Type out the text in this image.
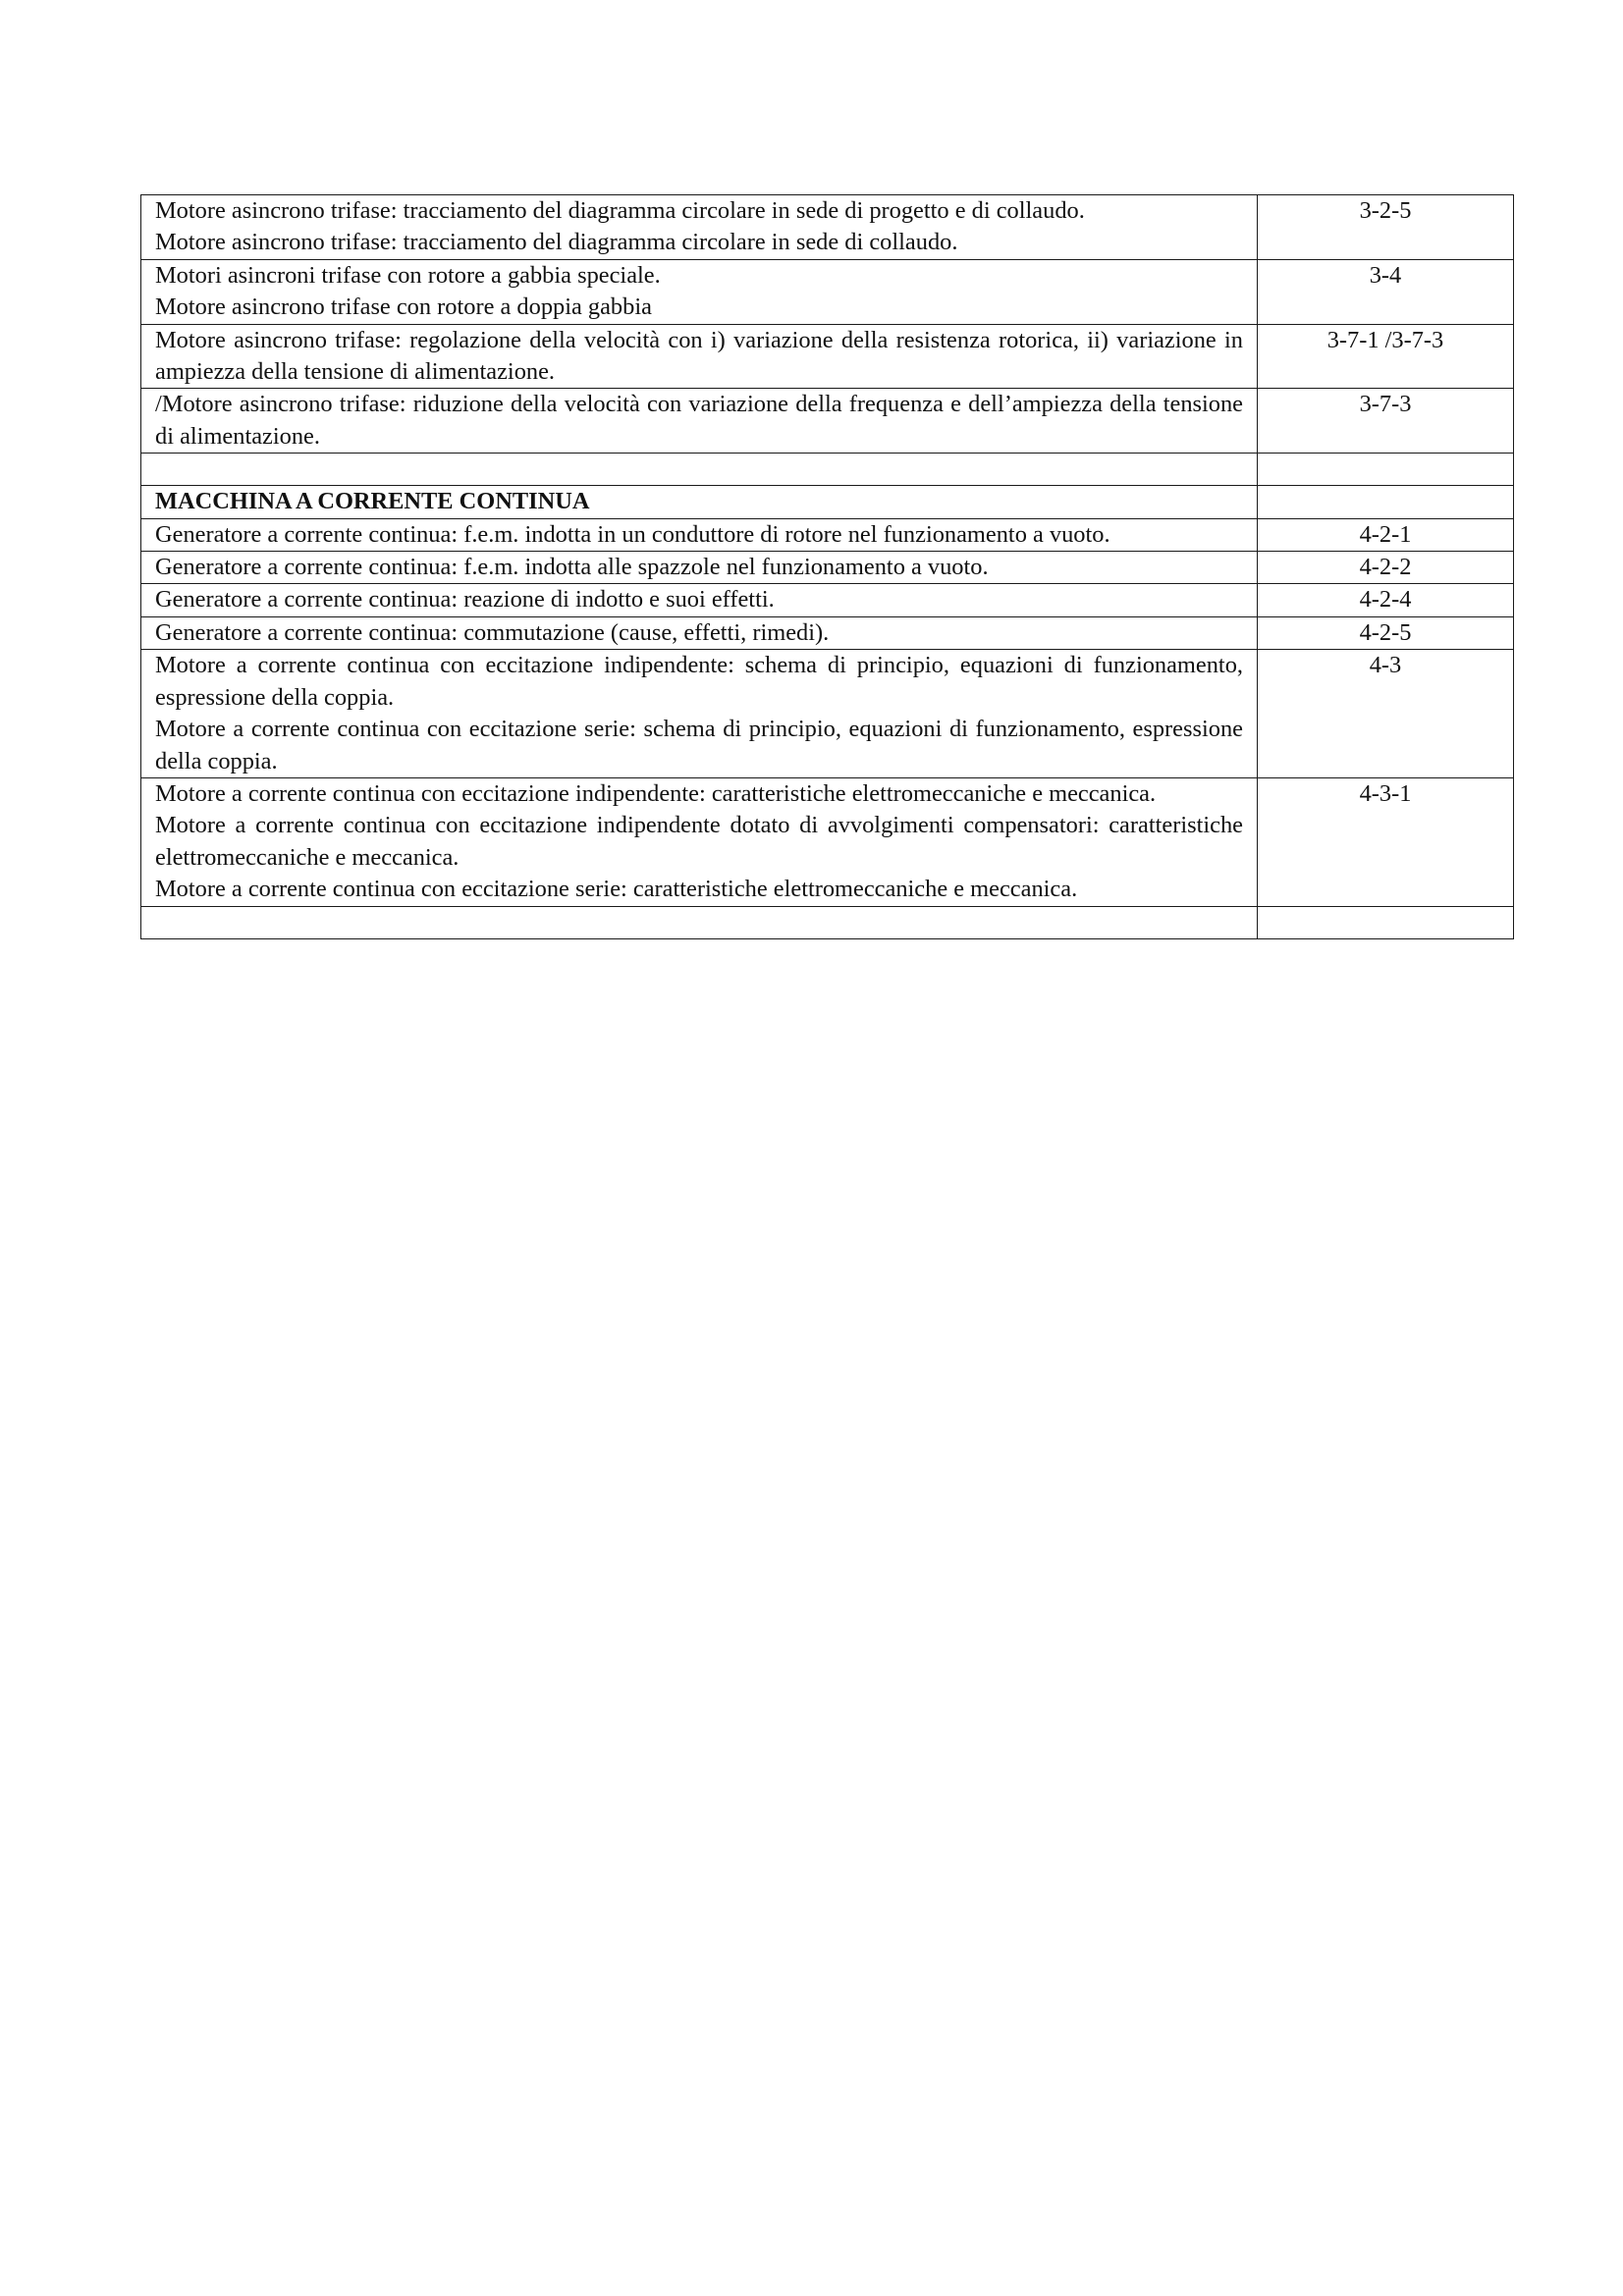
Motore asincrono trifase: tracciamento del diagramma circolare in sede di progetto e di collaudo.
Motore asincrono trifase: tracciamento del diagramma circolare in sede di collaudo.	3-2-5

Motori asincroni trifase con rotore a gabbia speciale.
Motore asincrono trifase con rotore a doppia gabbia	3-4

Motore asincrono trifase: regolazione della velocità con i) variazione della resistenza rotorica, ii) variazione in ampiezza della tensione di alimentazione.	3-7-1 /3-7-3

/Motore asincrono trifase: riduzione della velocità con variazione della frequenza e dell’ampiezza della tensione di alimentazione.	3-7-3

MACCHINA A CORRENTE CONTINUA	

Generatore a corrente continua: f.e.m. indotta in un conduttore di rotore nel funzionamento a vuoto.	4-2-1

Generatore a corrente continua: f.e.m. indotta alle spazzole nel funzionamento a vuoto.	4-2-2

Generatore a corrente continua: reazione di indotto e suoi effetti.	4-2-4

Generatore a corrente continua: commutazione (cause, effetti, rimedi).	4-2-5

Motore a corrente continua con eccitazione indipendente: schema di principio, equazioni di funzionamento, espressione della coppia.
Motore a corrente continua con eccitazione serie: schema di principio, equazioni di funzionamento, espressione della coppia.	4-3

Motore a corrente continua con eccitazione indipendente: caratteristiche elettromeccaniche e meccanica.
Motore a corrente continua con eccitazione indipendente dotato di avvolgimenti compensatori: caratteristiche elettromeccaniche e meccanica.
Motore a corrente continua con eccitazione serie: caratteristiche elettromeccaniche e meccanica.	4-3-1
